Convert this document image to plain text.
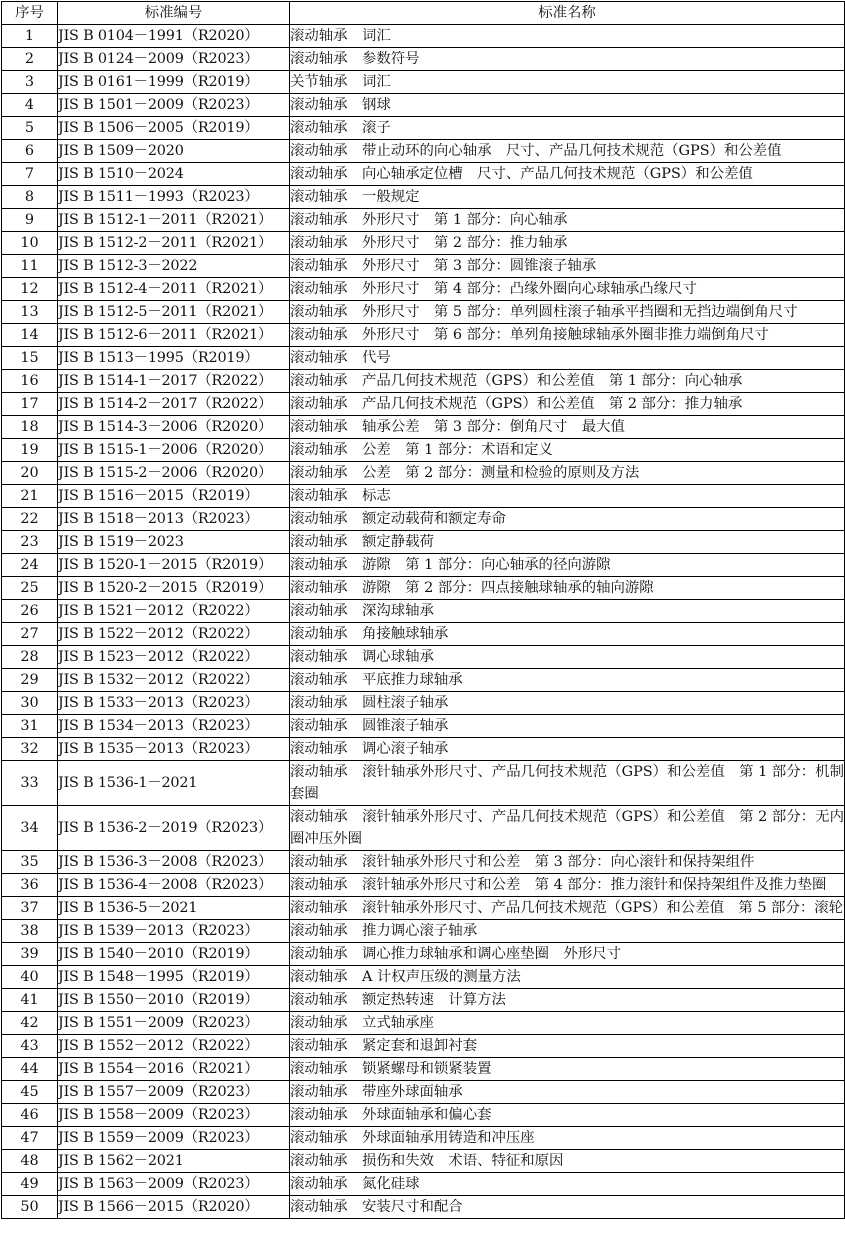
序号	标准编号	标准名称
1	JIS B 0104－1991（R2020）	滚动轴承　词汇
2	JIS B 0124－2009（R2023）	滚动轴承　参数符号
3	JIS B 0161－1999（R2019）	关节轴承　词汇
4	JIS B 1501－2009（R2023）	滚动轴承　钢球
5	JIS B 1506－2005（R2019）	滚动轴承　滚子
6	JIS B 1509－2020	滚动轴承　带止动环的向心轴承　尺寸、产品几何技术规范（GPS）和公差值
7	JIS B 1510－2024	滚动轴承　向心轴承定位槽　尺寸、产品几何技术规范（GPS）和公差值
8	JIS B 1511－1993（R2023）	滚动轴承　一般规定
9	JIS B 1512-1－2011（R2021）	滚动轴承　外形尺寸　第 1 部分：向心轴承
10	JIS B 1512-2－2011（R2021）	滚动轴承　外形尺寸　第 2 部分：推力轴承
11	JIS B 1512-3－2022	滚动轴承　外形尺寸　第 3 部分：圆锥滚子轴承
12	JIS B 1512-4－2011（R2021）	滚动轴承　外形尺寸　第 4 部分：凸缘外圈向心球轴承凸缘尺寸
13	JIS B 1512-5－2011（R2021）	滚动轴承　外形尺寸　第 5 部分：单列圆柱滚子轴承平挡圈和无挡边端倒角尺寸
14	JIS B 1512-6－2011（R2021）	滚动轴承　外形尺寸　第 6 部分：单列角接触球轴承外圈非推力端倒角尺寸
15	JIS B 1513－1995（R2019）	滚动轴承　代号
16	JIS B 1514-1－2017（R2022）	滚动轴承　产品几何技术规范（GPS）和公差值　第 1 部分：向心轴承
17	JIS B 1514-2－2017（R2022）	滚动轴承　产品几何技术规范（GPS）和公差值　第 2 部分：推力轴承
18	JIS B 1514-3－2006（R2020）	滚动轴承　轴承公差　第 3 部分：倒角尺寸　最大值
19	JIS B 1515-1－2006（R2020）	滚动轴承　公差　第 1 部分：术语和定义
20	JIS B 1515-2－2006（R2020）	滚动轴承　公差　第 2 部分：测量和检验的原则及方法
21	JIS B 1516－2015（R2019）	滚动轴承　标志
22	JIS B 1518－2013（R2023）	滚动轴承　额定动载荷和额定寿命
23	JIS B 1519－2023	滚动轴承　额定静载荷
24	JIS B 1520-1－2015（R2019）	滚动轴承　游隙　第 1 部分：向心轴承的径向游隙
25	JIS B 1520-2－2015（R2019）	滚动轴承　游隙　第 2 部分：四点接触球轴承的轴向游隙
26	JIS B 1521－2012（R2022）	滚动轴承　深沟球轴承
27	JIS B 1522－2012（R2022）	滚动轴承　角接触球轴承
28	JIS B 1523－2012（R2022）	滚动轴承　调心球轴承
29	JIS B 1532－2012（R2022）	滚动轴承　平底推力球轴承
30	JIS B 1533－2013（R2023）	滚动轴承　圆柱滚子轴承
31	JIS B 1534－2013（R2023）	滚动轴承　圆锥滚子轴承
32	JIS B 1535－2013（R2023）	滚动轴承　调心滚子轴承
33	JIS B 1536-1－2021	滚动轴承　滚针轴承外形尺寸、产品几何技术规范（GPS）和公差值　第 1 部分：机制套圈
34	JIS B 1536-2－2019（R2023）	滚动轴承　滚针轴承外形尺寸、产品几何技术规范（GPS）和公差值　第 2 部分：无内圈冲压外圈
35	JIS B 1536-3－2008（R2023）	滚动轴承　滚针轴承外形尺寸和公差　第 3 部分：向心滚针和保持架组件
36	JIS B 1536-4－2008（R2023）	滚动轴承　滚针轴承外形尺寸和公差　第 4 部分：推力滚针和保持架组件及推力垫圈
37	JIS B 1536-5－2021	滚动轴承　滚针轴承外形尺寸、产品几何技术规范（GPS）和公差值　第 5 部分：滚轮
38	JIS B 1539－2013（R2023）	滚动轴承　推力调心滚子轴承
39	JIS B 1540－2010（R2019）	滚动轴承　调心推力球轴承和调心座垫圈　外形尺寸
40	JIS B 1548－1995（R2019）	滚动轴承　A 计权声压级的测量方法
41	JIS B 1550－2010（R2019）	滚动轴承　额定热转速　计算方法
42	JIS B 1551－2009（R2023）	滚动轴承　立式轴承座
43	JIS B 1552－2012（R2022）	滚动轴承　紧定套和退卸衬套
44	JIS B 1554－2016（R2021）	滚动轴承　锁紧螺母和锁紧装置
45	JIS B 1557－2009（R2023）	滚动轴承　带座外球面轴承
46	JIS B 1558－2009（R2023）	滚动轴承　外球面轴承和偏心套
47	JIS B 1559－2009（R2023）	滚动轴承　外球面轴承用铸造和冲压座
48	JIS B 1562－2021	滚动轴承　损伤和失效　术语、特征和原因
49	JIS B 1563－2009（R2023）	滚动轴承　氮化硅球
50	JIS B 1566－2015（R2020）	滚动轴承　安装尺寸和配合
